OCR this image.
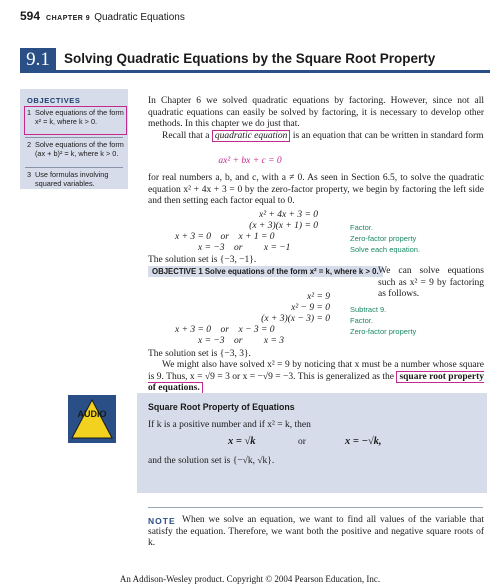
594 CHAPTER 9 Quadratic Equations
9.1	Solving Quadratic Equations by the Square Root Property
OBJECTIVES
1 Solve equations of the form x² = k, where k > 0.
2 Solve equations of the form (ax + b)² = k, where k > 0.
3 Use formulas involving squared variables.
In Chapter 6 we solved quadratic equations by factoring. However, since not all quadratic equations can easily be solved by factoring, it is necessary to develop other methods. In this chapter we do just that.
Recall that a quadratic equation is an equation that can be written in standard form
ax² + bx + c = 0
for real numbers a, b, and c, with a ≠ 0. As seen in Section 6.5, to solve the quadratic equation x² + 4x + 3 = 0 by the zero-factor property, we begin by factoring the left side and then setting each factor equal to 0.
x² + 4x + 3 = 0
(x + 3)(x + 1) = 0	Factor.
x + 3 = 0    or    x + 1 = 0	Zero-factor property
x = −3    or         x = −1	Solve each equation.
The solution set is {−3, −1}.
OBJECTIVE 1 Solve equations of the form x² = k, where k > 0. We can solve equations such as x² = 9 by factoring as follows.
x² = 9
x² − 9 = 0	Subtract 9.
(x + 3)(x − 3) = 0	Factor.
x + 3 = 0    or    x − 3 = 0	Zero-factor property
x = −3    or         x = 3
The solution set is {−3, 3}.
We might also have solved x² = 9 by noticing that x must be a number whose square is 9. Thus, x = √9 = 3 or x = −√9 = −3. This is generalized as the square root property of equations.
AUDIO
Square Root Property of Equations
If k is a positive number and if x² = k, then
x = √k	or	x = −√k,
and the solution set is {−√k, √k}.
NOTE When we solve an equation, we want to find all values of the variable that satisfy the equation. Therefore, we want both the positive and negative square roots of k.
An Addison-Wesley product. Copyright © 2004 Pearson Education, Inc.
